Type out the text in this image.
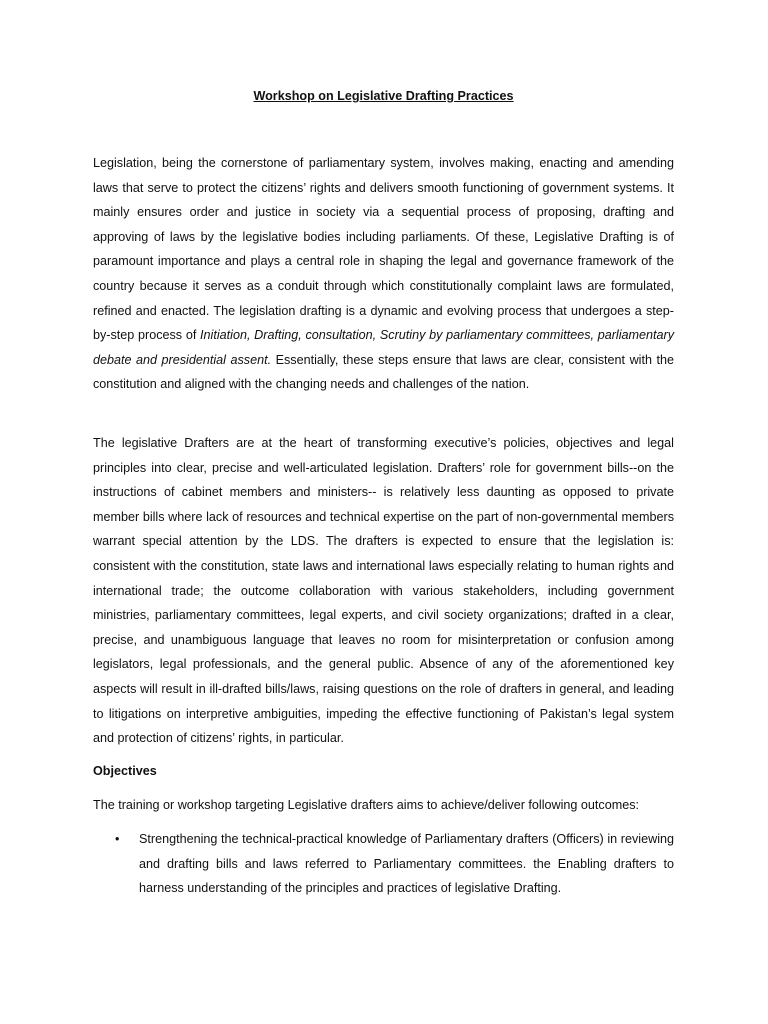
Workshop on Legislative Drafting Practices

Legislation, being the cornerstone of parliamentary system, involves making, enacting and amending laws that serve to protect the citizens’ rights and delivers smooth functioning of government systems. It mainly ensures order and justice in society via a sequential process of proposing, drafting and approving of laws by the legislative bodies including parliaments. Of these, Legislative Drafting is of paramount importance and plays a central role in shaping the legal and governance framework of the country because it serves as a conduit through which constitutionally complaint laws are formulated, refined and enacted. The legislation drafting is a dynamic and evolving process that undergoes a step-by-step process of Initiation, Drafting, consultation, Scrutiny by parliamentary committees, parliamentary debate and presidential assent. Essentially, these steps ensure that laws are clear, consistent with the constitution and aligned with the changing needs and challenges of the nation.

The legislative Drafters are at the heart of transforming executive’s policies, objectives and legal principles into clear, precise and well-articulated legislation. Drafters’ role for government bills--on the instructions of cabinet members and ministers-- is relatively less daunting as opposed to private member bills where lack of resources and technical expertise on the part of non-governmental members warrant special attention by the LDS. The drafters is expected to ensure that the legislation is: consistent with the constitution, state laws and international laws especially relating to human rights and international trade; the outcome collaboration with various stakeholders, including government ministries, parliamentary committees, legal experts, and civil society organizations; drafted in a clear, precise, and unambiguous language that leaves no room for misinterpretation or confusion among legislators, legal professionals, and the general public. Absence of any of the aforementioned key aspects will result in ill-drafted bills/laws, raising questions on the role of drafters in general, and leading to litigations on interpretive ambiguities, impeding the effective functioning of Pakistan’s legal system and protection of citizens’ rights, in particular.

Objectives
The training or workshop targeting Legislative drafters aims to achieve/deliver following outcomes:
• Strengthening the technical-practical knowledge of Parliamentary drafters (Officers) in reviewing and drafting bills and laws referred to Parliamentary committees. the Enabling drafters to harness understanding of the principles and practices of legislative Drafting.
